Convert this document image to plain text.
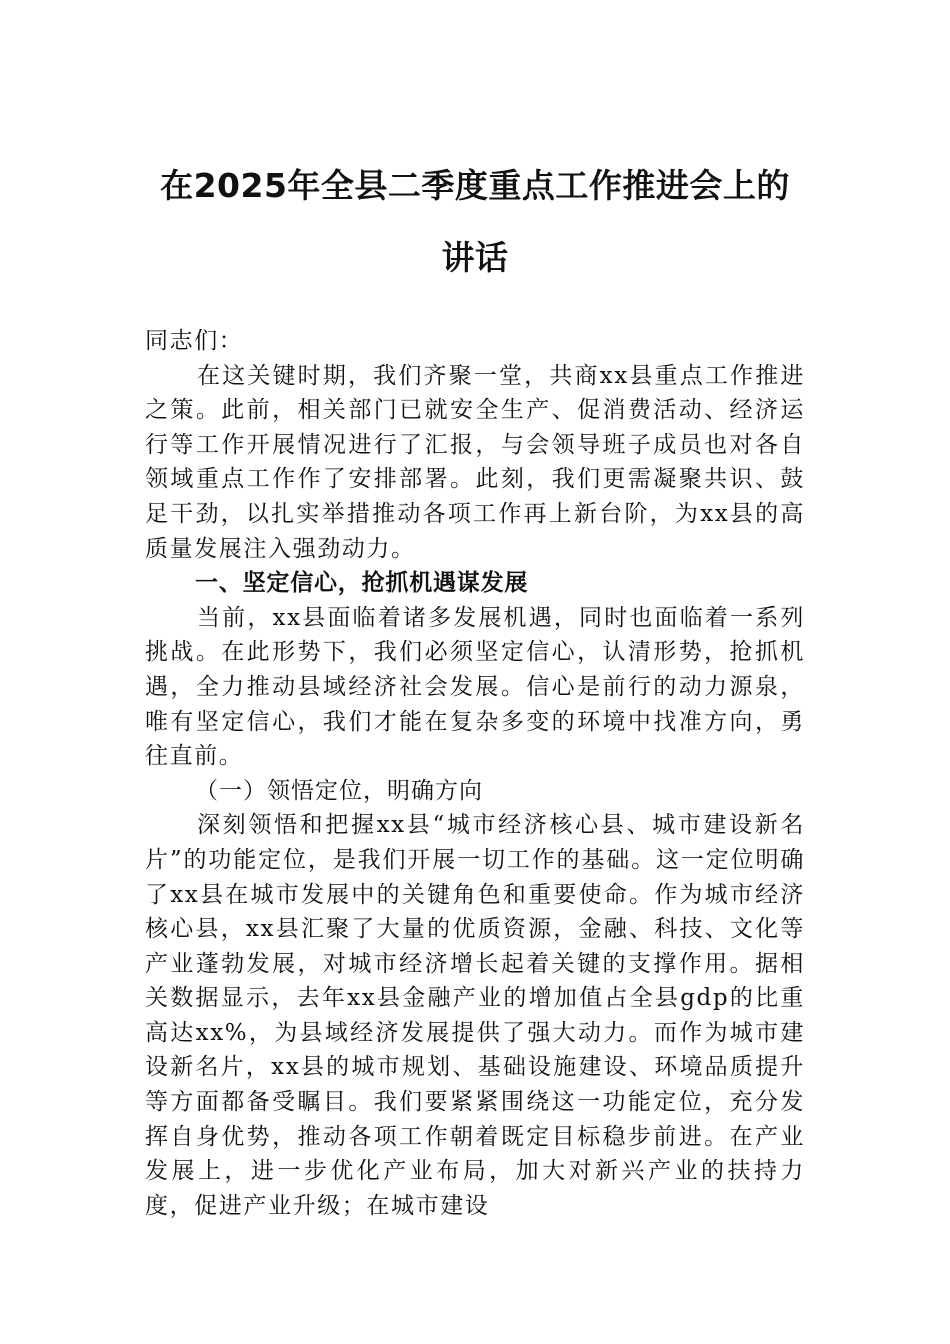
在2025年全县二季度重点工作推进会上的讲话

同志们：

在这关键时期，我们齐聚一堂，共商xx县重点工作推进之策。此前，相关部门已就安全生产、促消费活动、经济运行等工作开展情况进行了汇报，与会领导班子成员也对各自领域重点工作作了安排部署。此刻，我们更需凝聚共识、鼓足干劲，以扎实举措推动各项工作再上新台阶，为xx县的高质量发展注入强劲动力。

一、坚定信心，抢抓机遇谋发展

当前，xx县面临着诸多发展机遇，同时也面临着一系列挑战。在此形势下，我们必须坚定信心，认清形势，抢抓机遇，全力推动县域经济社会发展。信心是前行的动力源泉，唯有坚定信心，我们才能在复杂多变的环境中找准方向，勇往直前。

（一）领悟定位，明确方向

深刻领悟和把握xx县“城市经济核心县、城市建设新名片”的功能定位，是我们开展一切工作的基础。这一定位明确了xx县在城市发展中的关键角色和重要使命。作为城市经济核心县，xx县汇聚了大量的优质资源，金融、科技、文化等产业蓬勃发展，对城市经济增长起着关键的支撑作用。据相关数据显示，去年xx县金融产业的增加值占全县gdp的比重高达xx%，为县域经济发展提供了强大动力。而作为城市建设新名片，xx县的城市规划、基础设施建设、环境品质提升等方面都备受瞩目。我们要紧紧围绕这一功能定位，充分发挥自身优势，推动各项工作朝着既定目标稳步前进。在产业发展上，进一步优化产业布局，加大对新兴产业的扶持力度，促进产业升级；在城市建设
